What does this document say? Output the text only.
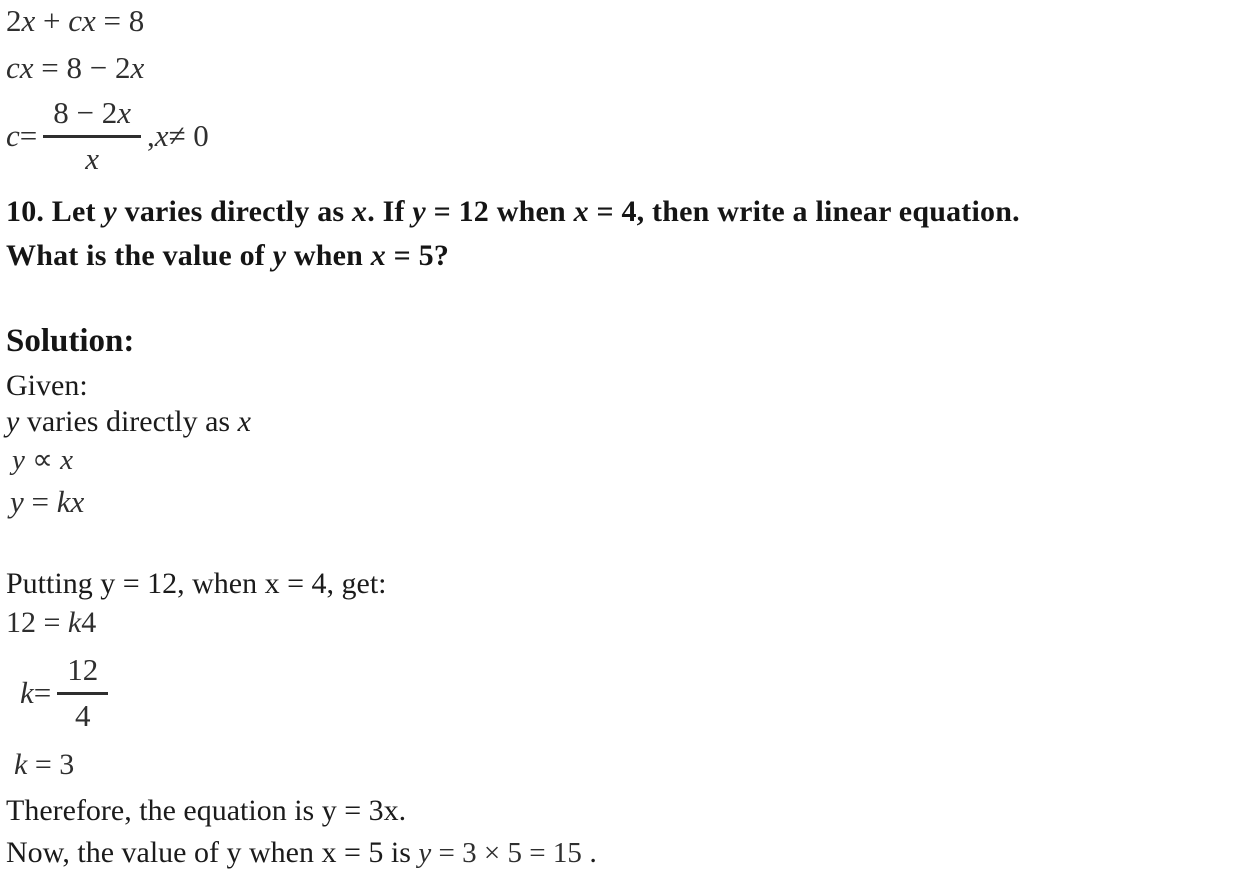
2x + cx = 8
cx = 8 − 2x
$c = \frac{8 - 2x}{x}$ , x ≠ 0
10. Let y varies directly as x. If y = 12 when x = 4, then write a linear equation.
What is the value of y when x = 5?
Solution:
Given:
y varies directly as x
y ∝ x
y = kx
Putting y = 12, when x = 4, get:
12 = k4
$k = \frac{12}{4}$
k = 3
Therefore, the equation is y = 3x.
Now, the value of y when x = 5 is y = 3 × 5 = 15 .
